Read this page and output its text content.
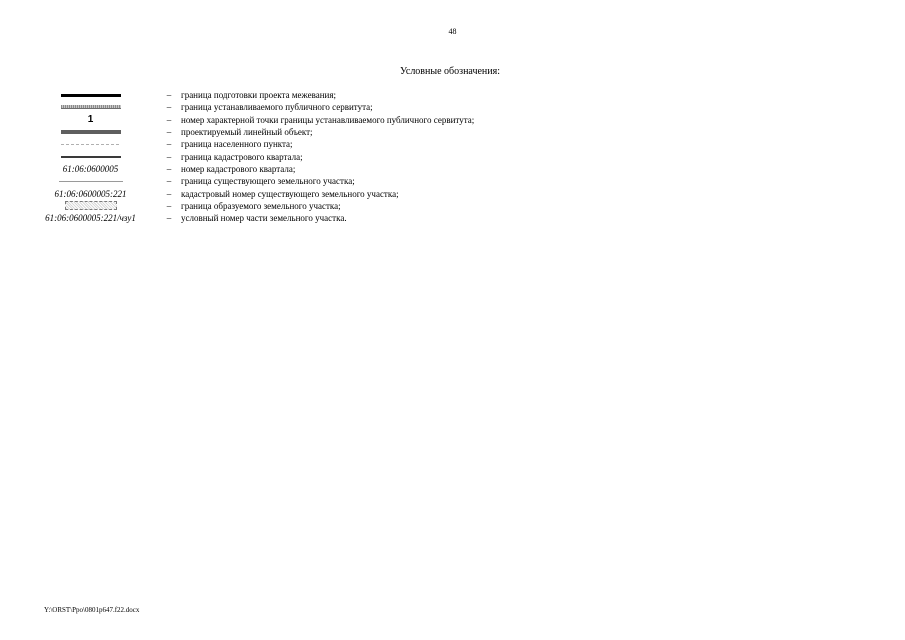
48
Условные обозначения:
–	граница подготовки проекта межевания;
–	граница устанавливаемого публичного сервитута;
1	–	номер характерной точки границы устанавливаемого публичного сервитута;
–	проектируемый линейный объект;
–	граница населенного пункта;
–	граница кадастрового квартала;
61:06:0600005	–	номер кадастрового квартала;
–	граница существующего земельного участка;
61:06:0600005:221	–	кадастровый номер существующего земельного участка;
–	граница образуемого земельного участка;
61:06:0600005:221/чзу1	–	условный номер части земельного участка.
Y:\ORST\Ppo\0801p647.f22.docx
